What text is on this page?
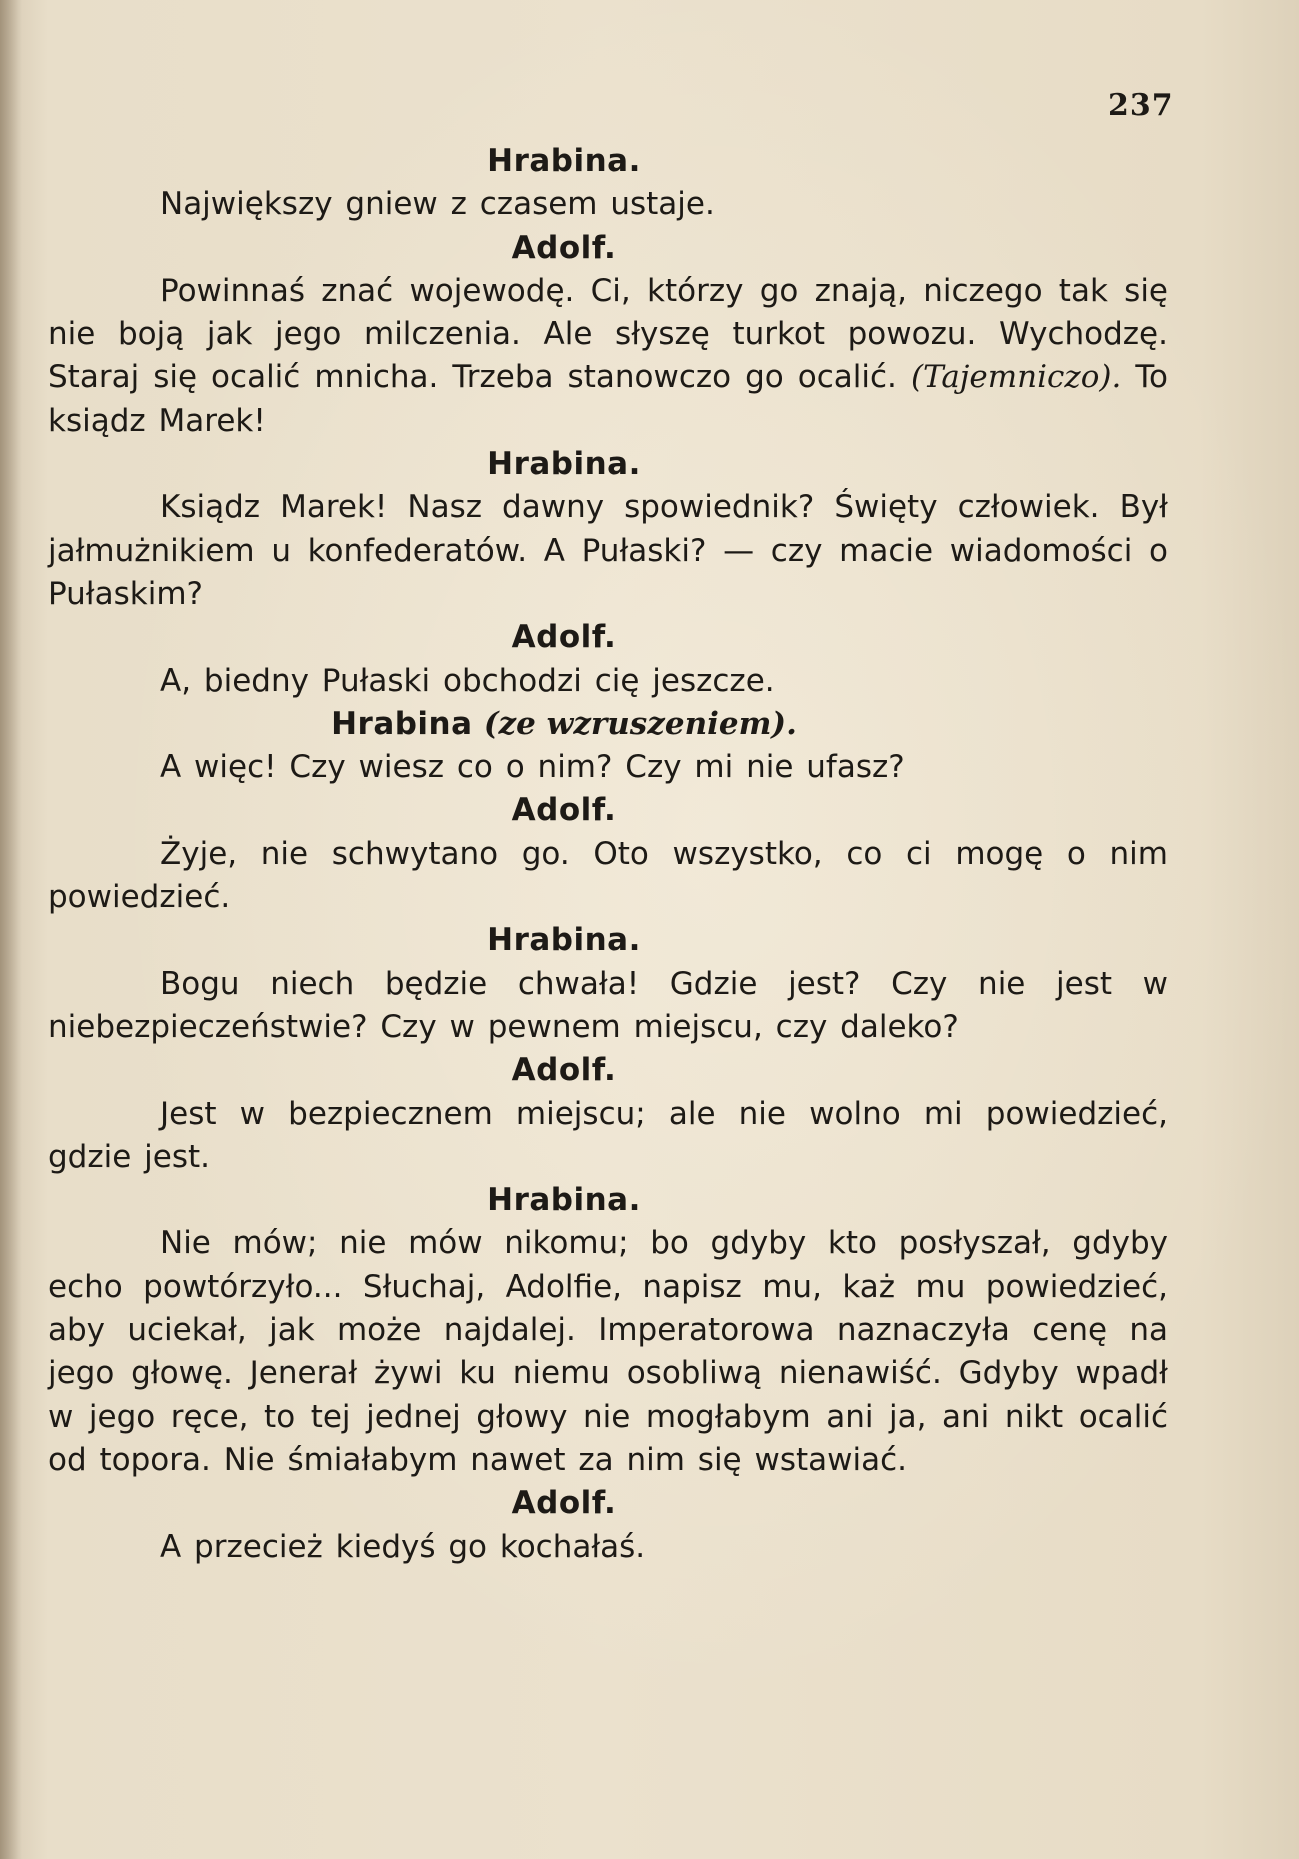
237

Hrabina.

Największy gniew z czasem ustaje.

Adolf.

Powinnaś znać wojewodę. Ci, którzy go znają, niczego tak się nie boją jak jego milczenia. Ale słyszę turkot powozu. Wychodzę. Staraj się ocalić mnicha. Trzeba stanowczo go ocalić. (Tajemniczo). To ksiądz Marek!

Hrabina.

Ksiądz Marek! Nasz dawny spowiednik? Święty człowiek. Był jałmużnikiem u konfederatów. A Pułaski? — czy macie wiadomości o Pułaskim?

Adolf.

A, biedny Pułaski obchodzi cię jeszcze.

Hrabina (ze wzruszeniem).

A więc! Czy wiesz co o nim? Czy mi nie ufasz?

Adolf.

Żyje, nie schwytano go. Oto wszystko, co ci mogę o nim powiedzieć.

Hrabina.

Bogu niech będzie chwała! Gdzie jest? Czy nie jest w niebezpieczeństwie? Czy w pewnem miejscu, czy daleko?

Adolf.

Jest w bezpiecznem miejscu; ale nie wolno mi powiedzieć, gdzie jest.

Hrabina.

Nie mów; nie mów nikomu; bo gdyby kto posłyszał, gdyby echo powtórzyło... Słuchaj, Adolfie, napisz mu, każ mu powiedzieć, aby uciekał, jak może najdalej. Imperatorowa naznaczyła cenę na jego głowę. Jenerał żywi ku niemu osobliwą nienawiść. Gdyby wpadł w jego ręce, to tej jednej głowy nie mogłabym ani ja, ani nikt ocalić od topora. Nie śmiałabym nawet za nim się wstawiać.

Adolf.

A przecież kiedyś go kochałaś.
